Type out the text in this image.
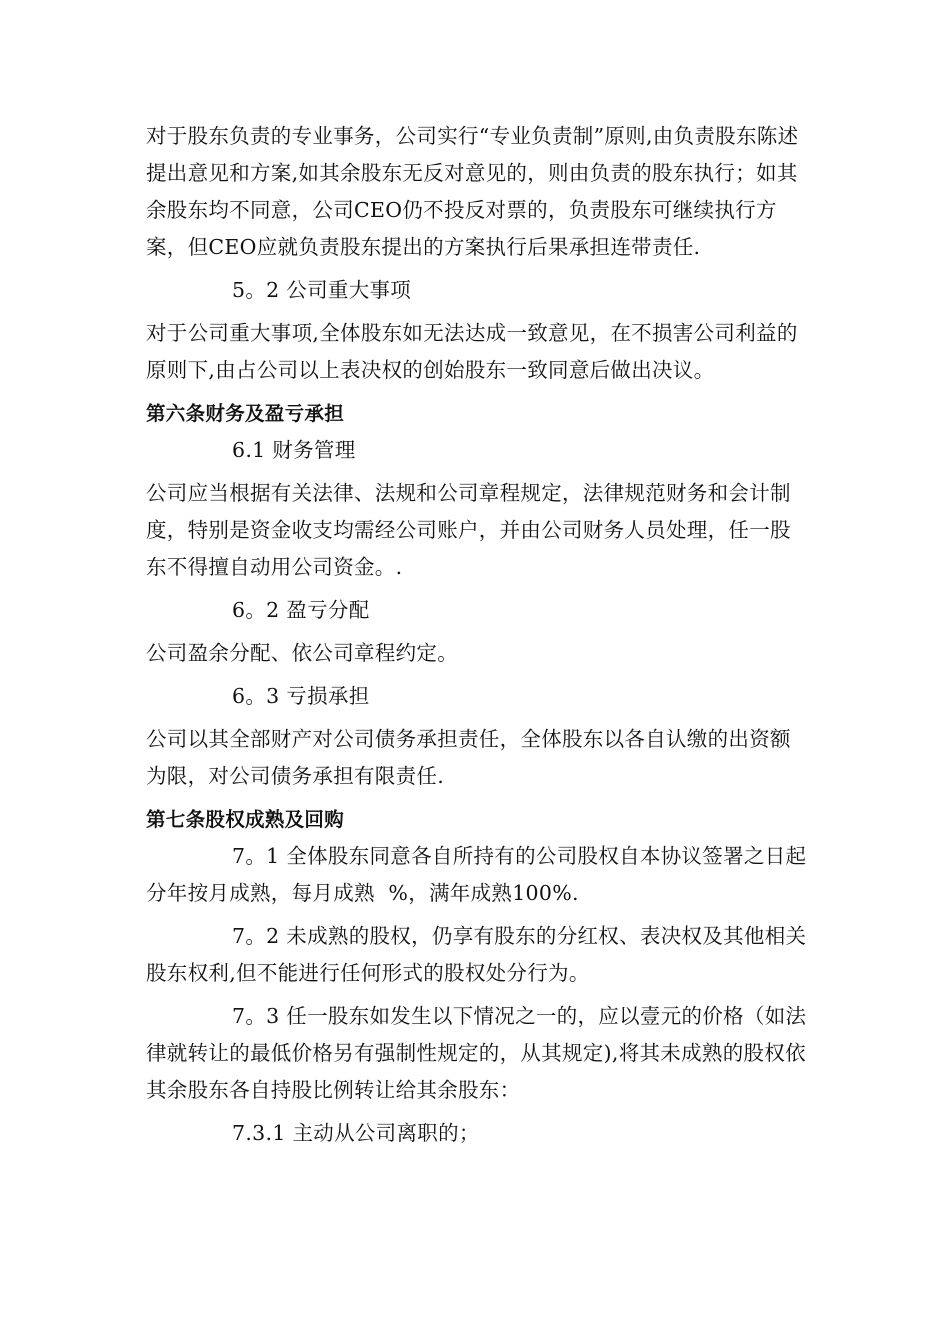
对于股东负责的专业事务，公司实行“专业负责制”原则,由负责股东陈述提出意见和方案,如其余股东无反对意见的，则由负责的股东执行；如其余股东均不同意，公司CEO仍不投反对票的，负责股东可继续执行方案，但CEO应就负责股东提出的方案执行后果承担连带责任.

5。2 公司重大事项

对于公司重大事项,全体股东如无法达成一致意见，在不损害公司利益的原则下,由占公司以上表决权的创始股东一致同意后做出决议。

第六条财务及盈亏承担

6.1 财务管理

公司应当根据有关法律、法规和公司章程规定，法律规范财务和会计制度，特别是资金收支均需经公司账户，并由公司财务人员处理，任一股东不得擅自动用公司资金。.

6。2 盈亏分配

公司盈余分配、依公司章程约定。

6。3 亏损承担

公司以其全部财产对公司债务承担责任，全体股东以各自认缴的出资额为限，对公司债务承担有限责任.

第七条股权成熟及回购

7。1 全体股东同意各自所持有的公司股权自本协议签署之日起分年按月成熟，每月成熟  %，满年成熟100%.

7。2 未成熟的股权，仍享有股东的分红权、表决权及其他相关股东权利,但不能进行任何形式的股权处分行为。

7。3 任一股东如发生以下情况之一的，应以壹元的价格（如法律就转让的最低价格另有强制性规定的，从其规定),将其未成熟的股权依其余股东各自持股比例转让给其余股东：

7.3.1 主动从公司离职的；
